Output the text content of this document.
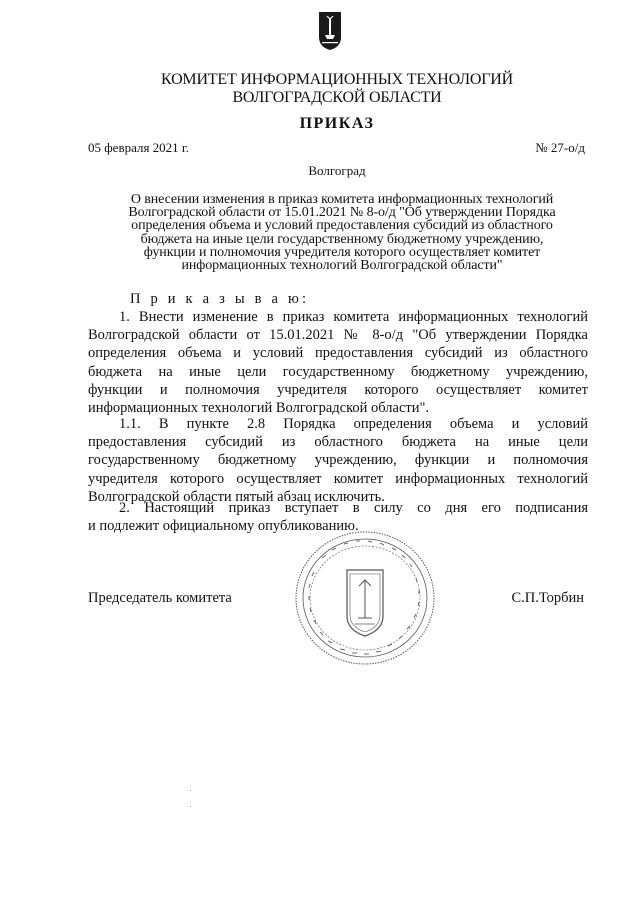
КОМИТЕТ ИНФОРМАЦИОННЫХ ТЕХНОЛОГИЙ
ВОЛГОГРАДСКОЙ ОБЛАСТИ
ПРИКАЗ
05 февраля 2021 г.	№ 27-о/д
Волгоград
О внесении изменения в приказ комитета информационных технологий
Волгоградской области от 15.01.2021 № 8-о/д "Об утверждении Порядка
определения объема и условий предоставления субсидий из областного
бюджета на иные цели государственному бюджетному учреждению,
функции и полномочия учредителя которого осуществляет комитет
информационных технологий Волгоградской области"
П р и к а з ы в а ю:
1. Внести изменение в приказ комитета информационных технологий
Волгоградской области от 15.01.2021 № 8-о/д "Об утверждении Порядка
определения объема и условий предоставления субсидий из областного
бюджета на иные цели государственному бюджетному учреждению,
функции и полномочия учредителя которого осуществляет комитет
информационных технологий Волгоградской области".
1.1. В пункте 2.8 Порядка определения объема и условий
предоставления субсидий из областного бюджета на иные цели
государственному бюджетному учреждению, функции и полномочия
учредителя которого осуществляет комитет информационных технологий
Волгоградской области пятый абзац исключить.
2. Настоящий приказ вступает в силу со дня его подписания
и подлежит официальному опубликованию.
Председатель комитета	С.П.Торбин
